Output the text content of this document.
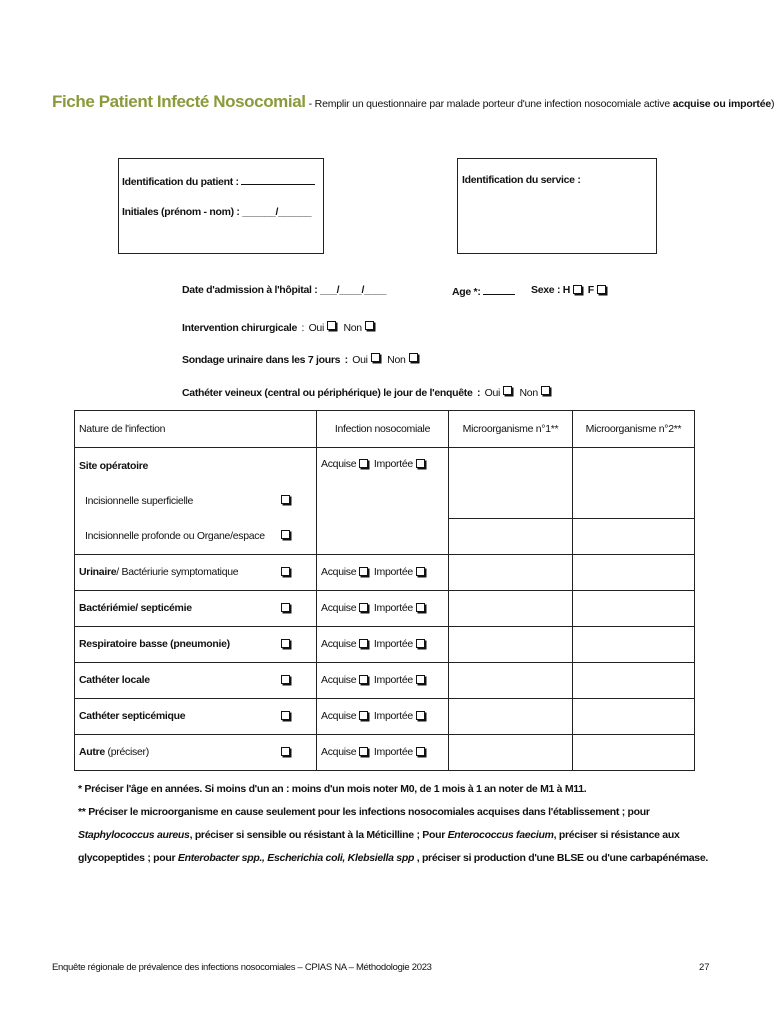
Fiche Patient Infecté Nosocomial - Remplir un questionnaire par malade porteur d'une infection nosocomiale active acquise ou importée)
Identification du patient :
Initiales (prénom - nom) : ______/______
Identification du service :
Date d'admission à l'hôpital : ___/____/____	Age *:	Sexe : H F
Intervention chirurgicale : Oui Non
Sondage urinaire dans les 7 jours : Oui Non
Cathéter veineux (central ou périphérique) le jour de l'enquête : Oui Non
Nature de l'infection		Infection nosocomiale	Microorganisme n°1**	Microorganisme n°2**
Site opératoire		Acquise Importée		
Incisionnelle superficielle				
Incisionnelle profonde ou Organe/espace				
Urinaire/ Bactériurie symptomatique		Acquise Importée		
Bactériémie/ septicémie		Acquise Importée		
Respiratoire basse (pneumonie)		Acquise Importée		
Cathéter locale		Acquise Importée		
Cathéter septicémique		Acquise Importée		
Autre (préciser)		Acquise Importée		
* Préciser l'âge en années. Si moins d'un an : moins d'un mois noter M0, de 1 mois à 1 an noter de M1 à M11.
** Préciser le microorganisme en cause seulement pour les infections nosocomiales acquises dans l'établissement ; pour Staphylococcus aureus, préciser si sensible ou résistant à la Méticilline ; Pour Enterococcus faecium, préciser si résistance aux glycopeptides ; pour Enterobacter spp., Escherichia coli, Klebsiella spp , préciser si production d'une BLSE ou d'une carbapénémase.
Enquête régionale de prévalence des infections nosocomiales – CPIAS NA – Méthodologie 2023	27
